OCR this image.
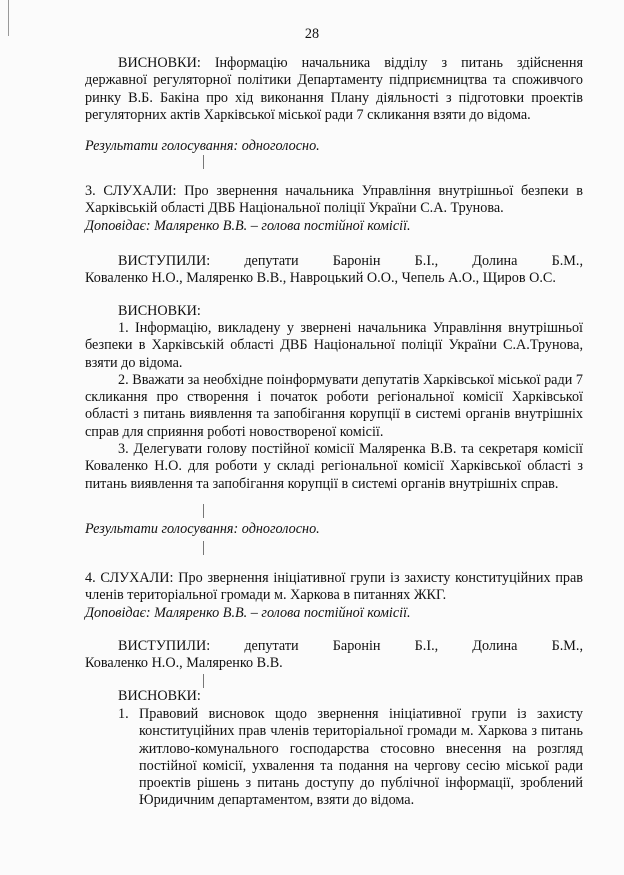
28
ВИСНОВКИ: Інформацію начальника відділу з питань здійснення державної регуляторної політики Департаменту підприємництва та споживчого ринку В.Б. Бакіна про хід виконання Плану діяльності з підготовки проектів регуляторних актів Харківської міської ради 7 скликання взяти до відома.
Результати голосування: одноголосно.
3. СЛУХАЛИ: Про звернення начальника Управління внутрішньої безпеки в Харківській області ДВБ Національної поліції України С.А. Трунова.
Доповідає: Маляренко В.В. – голова постійної комісії.
ВИСТУПИЛИ: депутати Баронін Б.І., Долина Б.М.,
Коваленко Н.О., Маляренко В.В., Навроцький О.О., Чепель А.О., Щиров О.С.
ВИСНОВКИ:
1. Інформацію, викладену у звернені начальника Управління внутрішньої безпеки в Харківській області ДВБ Національної поліції України С.А.Трунова, взяти до відома.
2. Вважати за необхідне поінформувати депутатів Харківської міської ради 7 скликання про створення і початок роботи регіональної комісії Харківської області з питань виявлення та запобігання корупції в системі органів внутрішніх справ для сприяння роботі новоствореної комісії.
3. Делегувати голову постійної комісії Маляренка В.В. та секретаря комісії Коваленко Н.О. для роботи у складі регіональної комісії Харківської області з питань виявлення та запобігання корупції в системі органів внутрішніх справ.
Результати голосування: одноголосно.
4. СЛУХАЛИ: Про звернення ініціативної групи із захисту конституційних прав членів територіальної громади м. Харкова в питаннях ЖКГ.
Доповідає: Маляренко В.В. – голова постійної комісії.
ВИСТУПИЛИ: депутати Баронін Б.І., Долина Б.М.,
Коваленко Н.О., Маляренко В.В.
ВИСНОВКИ:
1. Правовий висновок щодо звернення ініціативної групи із захисту конституційних прав членів територіальної громади м. Харкова з питань житлово-комунального господарства стосовно внесення на розгляд постійної комісії, ухвалення та подання на чергову сесію міської ради проектів рішень з питань доступу до публічної інформації, зроблений Юридичним департаментом, взяти до відома.
